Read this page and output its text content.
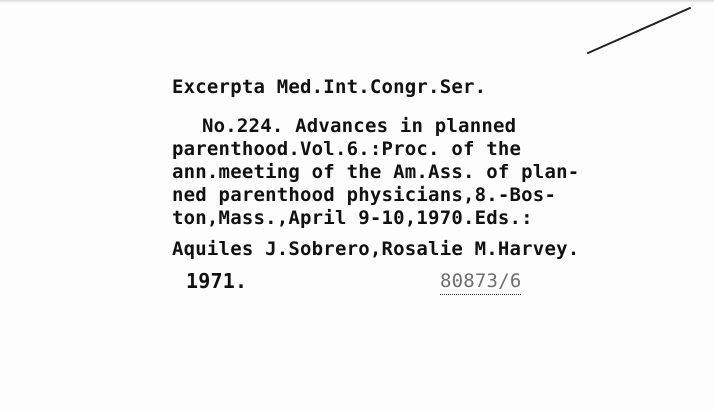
Excerpta Med.Int.Congr.Ser.
No.224. Advances in planned
parenthood.Vol.6.:Proc. of the
ann.meeting of the Am.Ass. of plan-
ned parenthood physicians,8.-Bos-
ton,Mass.,April 9-10,1970.Eds.:
Aquiles J.Sobrero,Rosalie M.Harvey.
1971.	80873/6
